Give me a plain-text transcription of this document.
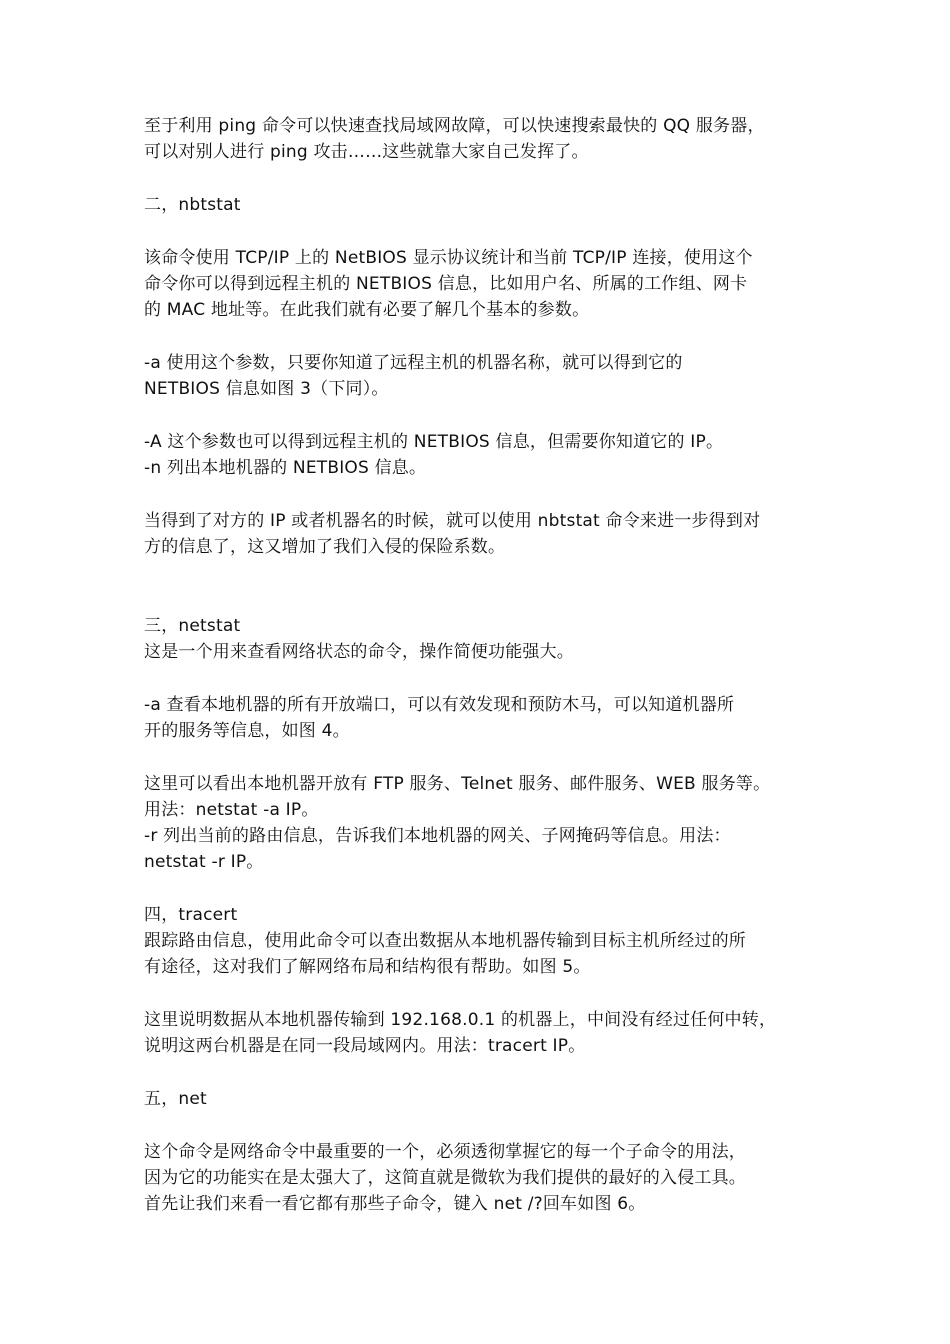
至于利用 ping 命令可以快速查找局域网故障，可以快速搜索最快的 QQ 服务器，

可以对别人进行 ping 攻击……这些就靠大家自己发挥了。

二，nbtstat

该命令使用 TCP/IP 上的 NetBIOS 显示协议统计和当前 TCP/IP 连接，使用这个

命令你可以得到远程主机的 NETBIOS 信息，比如用户名、所属的工作组、网卡

的 MAC 地址等。在此我们就有必要了解几个基本的参数。

-a 使用这个参数，只要你知道了远程主机的机器名称，就可以得到它的

NETBIOS 信息如图 3（下同）。

-A 这个参数也可以得到远程主机的 NETBIOS 信息，但需要你知道它的 IP。

-n 列出本地机器的 NETBIOS 信息。

当得到了对方的 IP 或者机器名的时候，就可以使用 nbtstat 命令来进一步得到对

方的信息了，这又增加了我们入侵的保险系数。

三，netstat

这是一个用来查看网络状态的命令，操作简便功能强大。

-a 查看本地机器的所有开放端口，可以有效发现和预防木马，可以知道机器所

开的服务等信息，如图 4。

这里可以看出本地机器开放有 FTP 服务、Telnet 服务、邮件服务、WEB 服务等。

用法：netstat -a IP。

-r 列出当前的路由信息，告诉我们本地机器的网关、子网掩码等信息。用法：

netstat -r IP。

四，tracert

跟踪路由信息，使用此命令可以查出数据从本地机器传输到目标主机所经过的所

有途径，这对我们了解网络布局和结构很有帮助。如图 5。

这里说明数据从本地机器传输到 192.168.0.1 的机器上，中间没有经过任何中转，

说明这两台机器是在同一段局域网内。用法：tracert IP。

五，net

这个命令是网络命令中最重要的一个，必须透彻掌握它的每一个子命令的用法，

因为它的功能实在是太强大了，这简直就是微软为我们提供的最好的入侵工具。

首先让我们来看一看它都有那些子命令，键入 net /?回车如图 6。
